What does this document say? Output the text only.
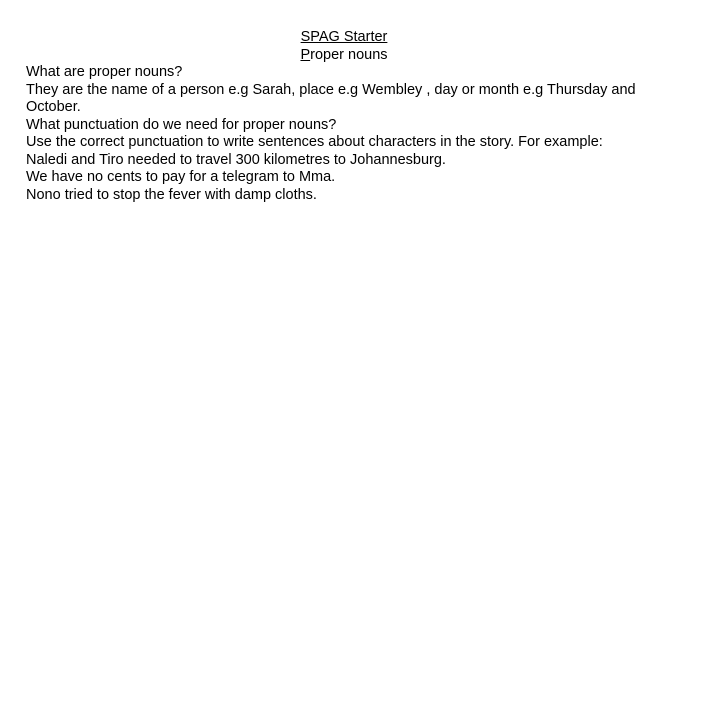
SPAG Starter
Proper nouns

What are proper nouns?

They are the name of a person e.g Sarah, place e.g Wembley , day or month e.g Thursday and October.

What punctuation do we need for proper nouns?

Use the correct punctuation to write sentences about characters in the story. For example:

Naledi and Tiro needed to travel 300 kilometres to Johannesburg.

We have no cents to pay for a telegram to Mma.

Nono tried to stop the fever with damp cloths.
